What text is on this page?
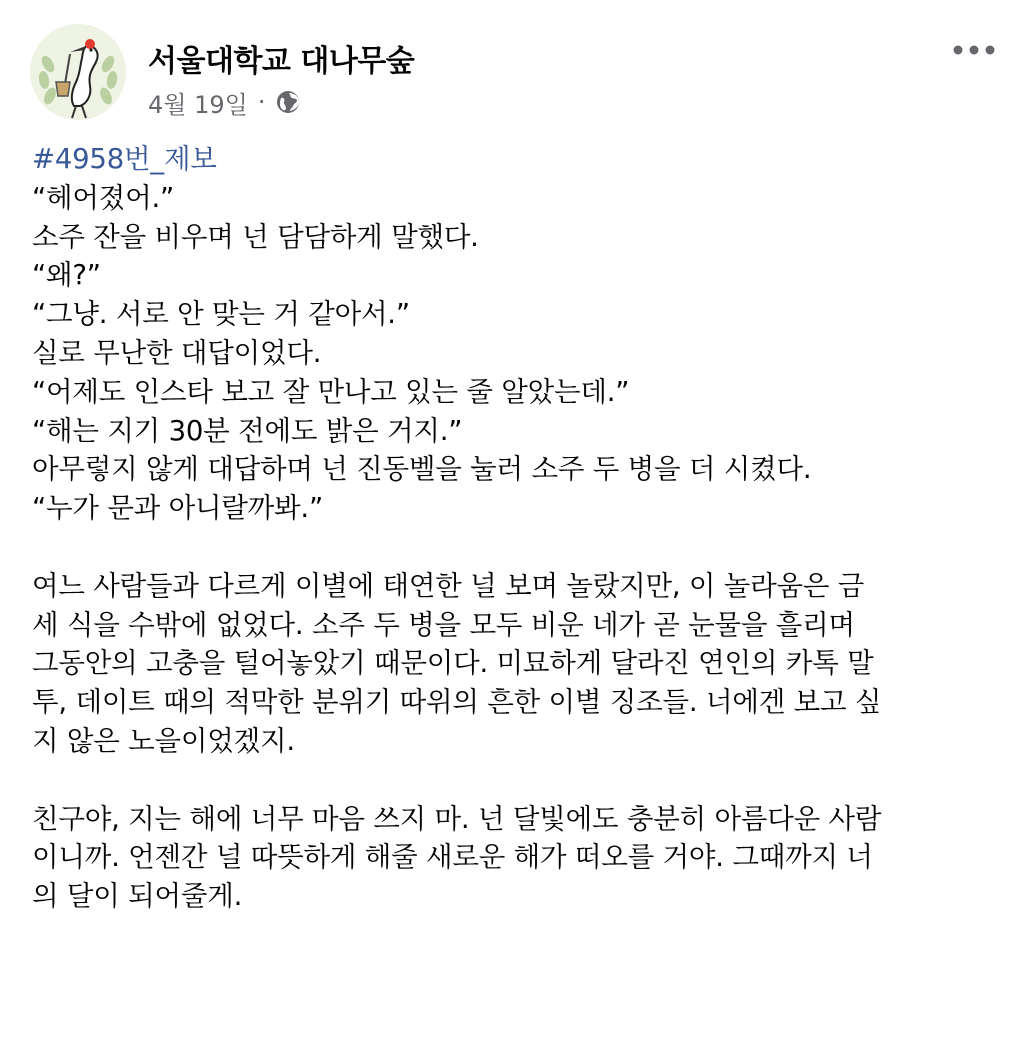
서울대학교 대나무숲
4월 19일 ·
#4958번_제보
“헤어졌어.”
소주 잔을 비우며 넌 담담하게 말했다.
“왜?”
“그냥. 서로 안 맞는 거 같아서.”
실로 무난한 대답이었다.
“어제도 인스타 보고 잘 만나고 있는 줄 알았는데.”
“해는 지기 30분 전에도 밝은 거지.”
아무렇지 않게 대답하며 넌 진동벨을 눌러 소주 두 병을 더 시켰다.
“누가 문과 아니랄까봐.”
여느 사람들과 다르게 이별에 태연한 널 보며 놀랐지만, 이 놀라움은 금
세 식을 수밖에 없었다. 소주 두 병을 모두 비운 네가 곧 눈물을 흘리며
그동안의 고충을 털어놓았기 때문이다. 미묘하게 달라진 연인의 카톡 말
투, 데이트 때의 적막한 분위기 따위의 흔한 이별 징조들. 너에겐 보고 싶
지 않은 노을이었겠지.
친구야, 지는 해에 너무 마음 쓰지 마. 넌 달빛에도 충분히 아름다운 사람
이니까. 언젠간 널 따뜻하게 해줄 새로운 해가 떠오를 거야. 그때까지 너
의 달이 되어줄게.
